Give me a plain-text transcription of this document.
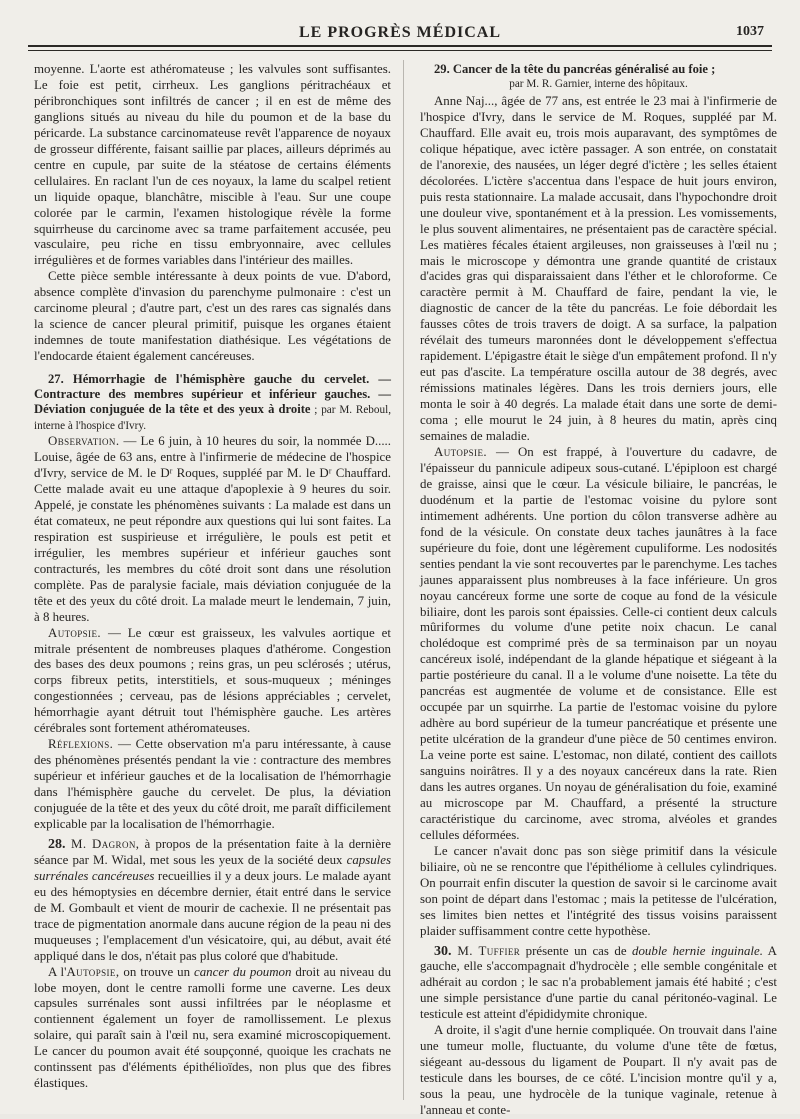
LE PROGRÈS MÉDICAL	1037

moyenne. L'aorte est athéromateuse ; les valvules sont suffisantes. Le foie est petit, cirrheux. Les ganglions péritrachéaux et péribronchiques sont infiltrés de cancer ; il en est de même des ganglions situés au niveau du hile du poumon et de la base du péricarde. La substance carcinomateuse revêt l'apparence de noyaux de grosseur différente, faisant saillie par places, ailleurs déprimés au centre en cupule, par suite de la stéatose de certains éléments cellulaires. En raclant l'un de ces noyaux, la lame du scalpel retient un liquide opaque, blanchâtre, miscible à l'eau. Sur une coupe colorée par le carmin, l'examen histologique révèle la forme squirrheuse du carcinome avec sa trame parfaitement accusée, peu vasculaire, peu riche en tissu embryonnaire, avec cellules irrégulières et de formes variables dans l'intérieur des mailles.

Cette pièce semble intéressante à deux points de vue. D'abord, absence complète d'invasion du parenchyme pulmonaire : c'est un carcinome pleural ; d'autre part, c'est un des rares cas signalés dans la science de cancer pleural primitif, puisque les organes étaient indemnes de toute manifestation diathésique. Les végétations de l'endocarde étaient également cancéreuses.

27. Hémorrhagie de l'hémisphère gauche du cervelet. — Contracture des membres supérieur et inférieur gauches. — Déviation conjuguée de la tête et des yeux à droite ; par M. Reboul, interne à l'hospice d'Ivry.

Observation. — Le 6 juin, à 10 heures du soir, la nommée D..... Louise, âgée de 63 ans, entre à l'infirmerie de médecine de l'hospice d'Ivry, service de M. le Dʳ Roques, suppléé par M. le Dʳ Chauffard. Cette malade avait eu une attaque d'apoplexie à 9 heures du soir. Appelé, je constate les phénomènes suivants : La malade est dans un état comateux, ne peut répondre aux questions qui lui sont faites. La respiration est suspirieuse et irrégulière, le pouls est petit et irrégulier, les membres supérieur et inférieur gauches sont contracturés, les membres du côté droit sont dans une résolution complète. Pas de paralysie faciale, mais déviation conjuguée de la tête et des yeux du côté droit. La malade meurt le lendemain, 7 juin, à 8 heures.

Autopsie. — Le cœur est graisseux, les valvules aortique et mitrale présentent de nombreuses plaques d'athérome. Congestion des bases des deux poumons ; reins gras, un peu sclérosés ; utérus, corps fibreux petits, interstitiels, et sous-muqueux ; méninges congestionnées ; cerveau, pas de lésions appréciables ; cervelet, hémorrhagie ayant détruit tout l'hémisphère gauche. Les artères cérébrales sont fortement athéromateuses.

Réflexions. — Cette observation m'a paru intéressante, à cause des phénomènes présentés pendant la vie : contracture des membres supérieur et inférieur gauches et de la localisation de l'hémorrhagie dans l'hémisphère gauche du cervelet. De plus, la déviation conjuguée de la tête et des yeux du côté droit, me paraît difficilement explicable par la localisation de l'hémorrhagie.

28. M. Dagron, à propos de la présentation faite à la dernière séance par M. Widal, met sous les yeux de la société deux capsules surrénales cancéreuses recueillies il y a deux jours. Le malade ayant eu des hémoptysies en décembre dernier, était entré dans le service de M. Gombault et vient de mourir de cachexie. Il ne présentait pas trace de pigmentation anormale dans aucune région de la peau ni des muqueuses ; l'emplacement d'un vésicatoire, qui, au début, avait été appliqué dans le dos, n'était pas plus coloré que d'habitude.

A l'Autopsie, on trouve un cancer du poumon droit au niveau du lobe moyen, dont le centre ramolli forme une caverne. Les deux capsules surrénales sont aussi infiltrées par le néoplasme et contiennent également un foyer de ramollissement. Le plexus solaire, qui paraît sain à l'œil nu, sera examiné microscopiquement. Le cancer du poumon avait été soupçonné, quoique les crachats ne continssent pas d'éléments épithélioïdes, non plus que des fibres élastiques.

29. Cancer de la tête du pancréas généralisé au foie ;

par M. R. Garnier, interne des hôpitaux.

Anne Naj..., âgée de 77 ans, est entrée le 23 mai à l'infirmerie de l'hospice d'Ivry, dans le service de M. Roques, suppléé par M. Chauffard. Elle avait eu, trois mois auparavant, des symptômes de colique hépatique, avec ictère passager. A son entrée, on constatait de l'anorexie, des nausées, un léger degré d'ictère ; les selles étaient décolorées. L'ictère s'accentua dans l'espace de huit jours environ, puis resta stationnaire. La malade accusait, dans l'hypochondre droit une douleur vive, spontanément et à la pression. Les vomissements, le plus souvent alimentaires, ne présentaient pas de caractère spécial. Les matières fécales étaient argileuses, non graisseuses à l'œil nu ; mais le microscope y démontra une grande quantité de cristaux d'acides gras qui disparaissaient dans l'éther et le chloroforme. Ce caractère permit à M. Chauffard de faire, pendant la vie, le diagnostic de cancer de la tête du pancréas. Le foie débordait les fausses côtes de trois travers de doigt. A sa surface, la palpation révélait des tumeurs maronnées dont le développement s'effectua rapidement. L'épigastre était le siège d'un empâtement profond. Il n'y eut pas d'ascite. La température oscilla autour de 38 degrés, avec rémissions matinales légères. Dans les trois derniers jours, elle monta le soir à 40 degrés. La malade était dans une sorte de demi-coma ; elle mourut le 24 juin, à 8 heures du matin, après cinq semaines de maladie.

Autopsie. — On est frappé, à l'ouverture du cadavre, de l'épaisseur du pannicule adipeux sous-cutané. L'épiploon est chargé de graisse, ainsi que le cœur. La vésicule biliaire, le pancréas, le duodénum et la partie de l'estomac voisine du pylore sont intimement adhérents. Une portion du côlon transverse adhère au fond de la vésicule. On constate deux taches jaunâtres à la face supérieure du foie, dont une légèrement cupuliforme. Les nodosités senties pendant la vie sont recouvertes par le parenchyme. Les taches jaunes apparaissent plus nombreuses à la face inférieure. Un gros noyau cancéreux forme une sorte de coque au fond de la vésicule biliaire, dont les parois sont épaissies. Celle-ci contient deux calculs mûriformes du volume d'une petite noix chacun. Le canal cholédoque est comprimé près de sa terminaison par un noyau cancéreux isolé, indépendant de la glande hépatique et siégeant à la partie postérieure du canal. Il a le volume d'une noisette. La tête du pancréas est augmentée de volume et de consistance. Elle est occupée par un squirrhe. La partie de l'estomac voisine du pylore adhère au bord supérieur de la tumeur pancréatique et présente une petite ulcération de la grandeur d'une pièce de 50 centimes environ. La veine porte est saine. L'estomac, non dilaté, contient des caillots sanguins noirâtres. Il y a des noyaux cancéreux dans la rate. Rien dans les autres organes. Un noyau de généralisation du foie, examiné au microscope par M. Chauffard, a présenté la structure caractéristique du carcinome, avec stroma, alvéoles et grandes cellules déformées.

Le cancer n'avait donc pas son siège primitif dans la vésicule biliaire, où ne se rencontre que l'épithéliome à cellules cylindriques. On pourrait enfin discuter la question de savoir si le carcinome avait son point de départ dans l'estomac ; mais la petitesse de l'ulcération, ses limites bien nettes et l'intégrité des tissus voisins paraissent plaider suffisamment contre cette hypothèse.

30. M. Tuffier présente un cas de double hernie inguinale. A gauche, elle s'accompagnait d'hydrocèle ; elle semble congénitale et adhérait au cordon ; le sac n'a probablement jamais été habité ; c'est une simple persistance d'une partie du canal péritonéo-vaginal. Le testicule est atteint d'épididymite chronique.

A droite, il s'agit d'une hernie compliquée. On trouvait dans l'aine une tumeur molle, fluctuante, du volume d'une tête de fœtus, siégeant au-dessous du ligament de Poupart. Il n'y avait pas de testicule dans les bourses, de ce côté. L'incision montre qu'il y a, sous la peau, une hydrocèle de la tunique vaginale, retenue à l'anneau et conte-
